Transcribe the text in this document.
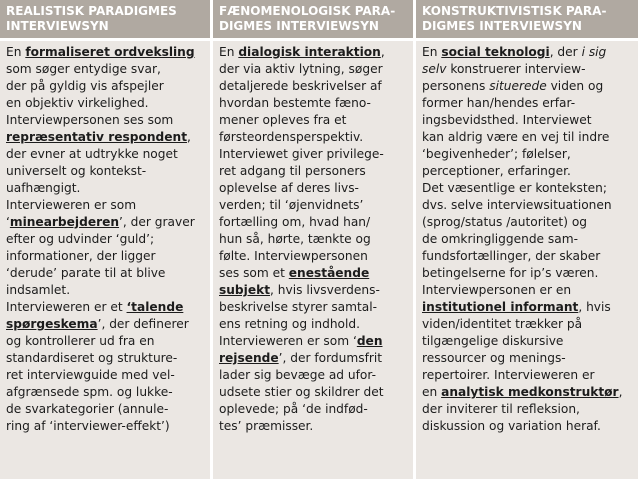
REALISTISK PARADIGMES
INTERVIEWSYN
FÆNOMENOLOGISK PARA-
DIGMES INTERVIEWSYN
KONSTRUKTIVISTISK PARA-
DIGMES INTERVIEWSYN
En formaliseret ordveksling
som søger entydige svar,
der på gyldig vis afspejler
en objektiv virkelighed.
Interviewpersonen ses som
repræsentativ respondent,
der evner at udtrykke noget
universelt og kontekst-
uafhængigt.
Intervieweren er som
‘minearbejderen’, der graver
efter og udvinder ‘guld’;
informationer, der ligger
‘derude’ parate til at blive
indsamlet.
Intervieweren er et ‘talende
spørgeskema’, der definerer
og kontrollerer ud fra en
standardiseret og strukture-
ret interviewguide med vel-
afgrænsede spm. og lukke-
de svarkategorier (annule-
ring af ‘interviewer-effekt’)
En dialogisk interaktion,
der via aktiv lytning, søger
detaljerede beskrivelser af
hvordan bestemte fæno-
mener opleves fra et
førsteordensperspektiv.
Interviewet giver privilege-
ret adgang til personers
oplevelse af deres livs-
verden; til ‘øjenvidnets’
fortælling om, hvad han/
hun så, hørte, tænkte og
følte. Interviewpersonen
ses som et enestående
subjekt, hvis livsverdens-
beskrivelse styrer samtal-
ens retning og indhold.
Intervieweren er som ‘den
rejsende’, der fordumsfrit
lader sig bevæge ad ufor-
udsete stier og skildrer det
oplevede; på ‘de indfød-
tes’ præmisser.
En social teknologi, der i sig
selv konstruerer interview-
personens situerede viden og
former han/hendes erfar-
ingsbevidsthed. Interviewet
kan aldrig være en vej til indre
‘begivenheder’; følelser,
perceptioner, erfaringer.
Det væsentlige er konteksten;
dvs. selve interviewsituationen
(sprog/status /autoritet) og
de omkringliggende sam-
fundsfortællinger, der skaber
betingelserne for ip’s væren.
Interviewpersonen er en
institutionel informant, hvis
viden/identitet trækker på
tilgængelige diskursive
ressourcer og menings-
repertoirer. Intervieweren er
en analytisk medkonstruktør,
der inviterer til refleksion,
diskussion og variation heraf.
